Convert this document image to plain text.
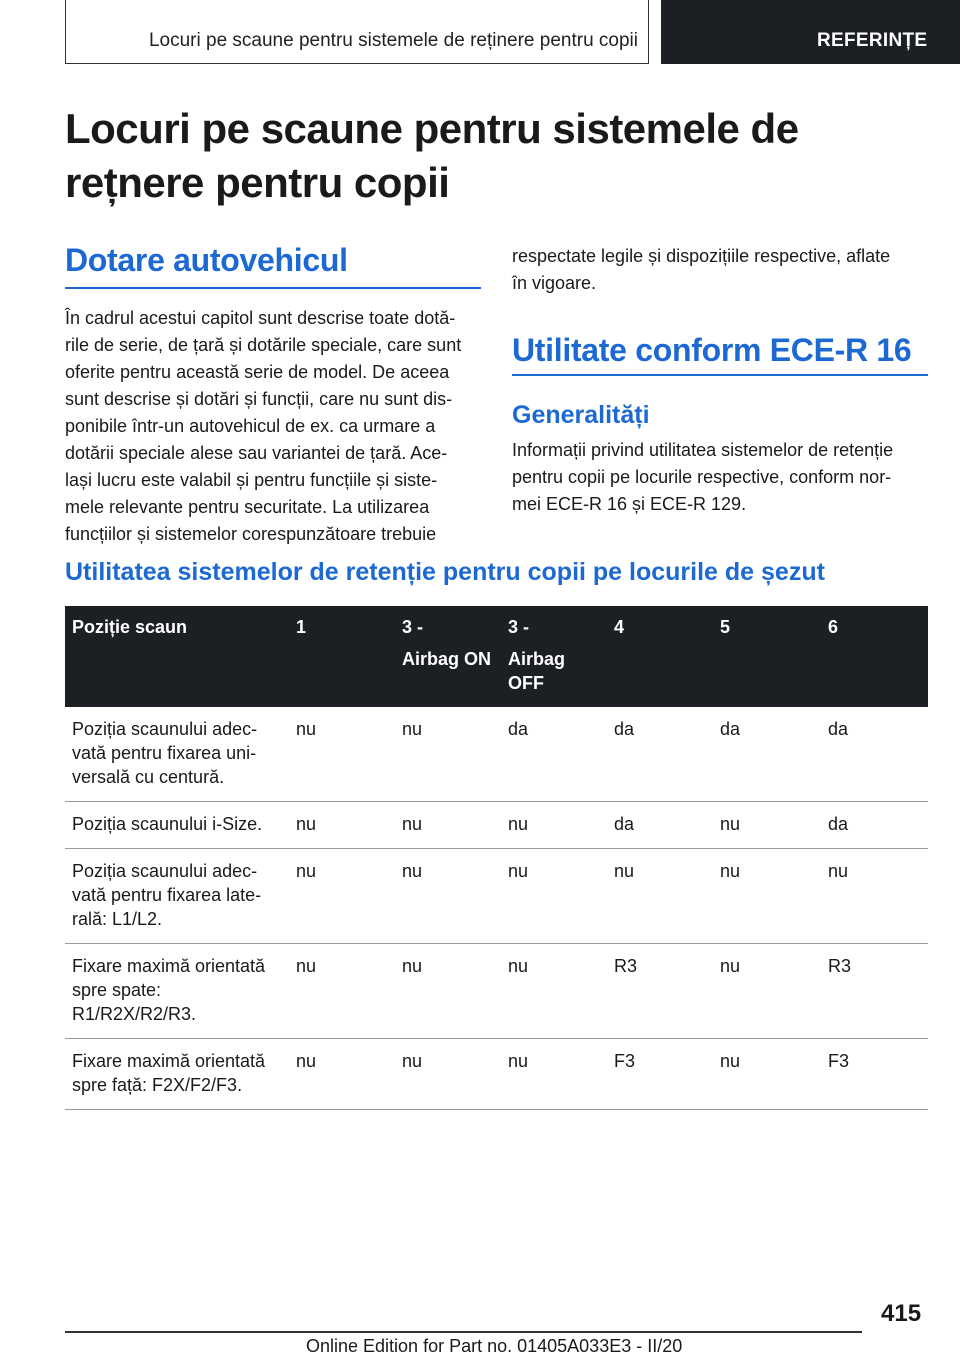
Locuri pe scaune pentru sistemele de reținere pentru copii	REFERINȚE
Locuri pe scaune pentru sistemele de
rețnere pentru copii
Dotare autovehicul
În cadrul acestui capitol sunt descrise toate dotă‐
rile de serie, de țară și dotările speciale, care sunt
oferite pentru această serie de model. De aceea
sunt descrise și dotări și funcții, care nu sunt dis‐
ponibile într-un autovehicul de ex. ca urmare a
dotării speciale alese sau variantei de țară. Ace‐
lași lucru este valabil și pentru funcțiile și siste‐
mele relevante pentru securitate. La utilizarea
funcțiilor și sistemelor corespunzătoare trebuie
respectate legile și dispozițiile respective, aflate
în vigoare.
Utilitate conform ECE-R 16
Generalități
Informații privind utilitatea sistemelor de retenție
pentru copii pe locurile respective, conform nor‐
mei ECE-R 16 și ECE-R 129.
Utilitatea sistemelor de retenție pentru copii pe locurile de șezut
Poziție scaun	1	3 -
Airbag ON	3 -
Airbag OFF	4	5	6

Poziția scaunului adec‐
vată pentru fixarea uni‐
versală cu centură.	nu	nu	da	da	da	da

Poziția scaunului i-Size.	nu	nu	nu	da	nu	da

Poziția scaunului adec‐
vată pentru fixarea late‐
rală: L1/L2.	nu	nu	nu	nu	nu	nu

Fixare maximă orientată
spre spate:
R1/R2X/R2/R3.	nu	nu	nu	R3	nu	R3

Fixare maximă orientată
spre față: F2X/F2/F3.	nu	nu	nu	F3	nu	F3
415
Online Edition for Part no. 01405A033E3 - II/20
